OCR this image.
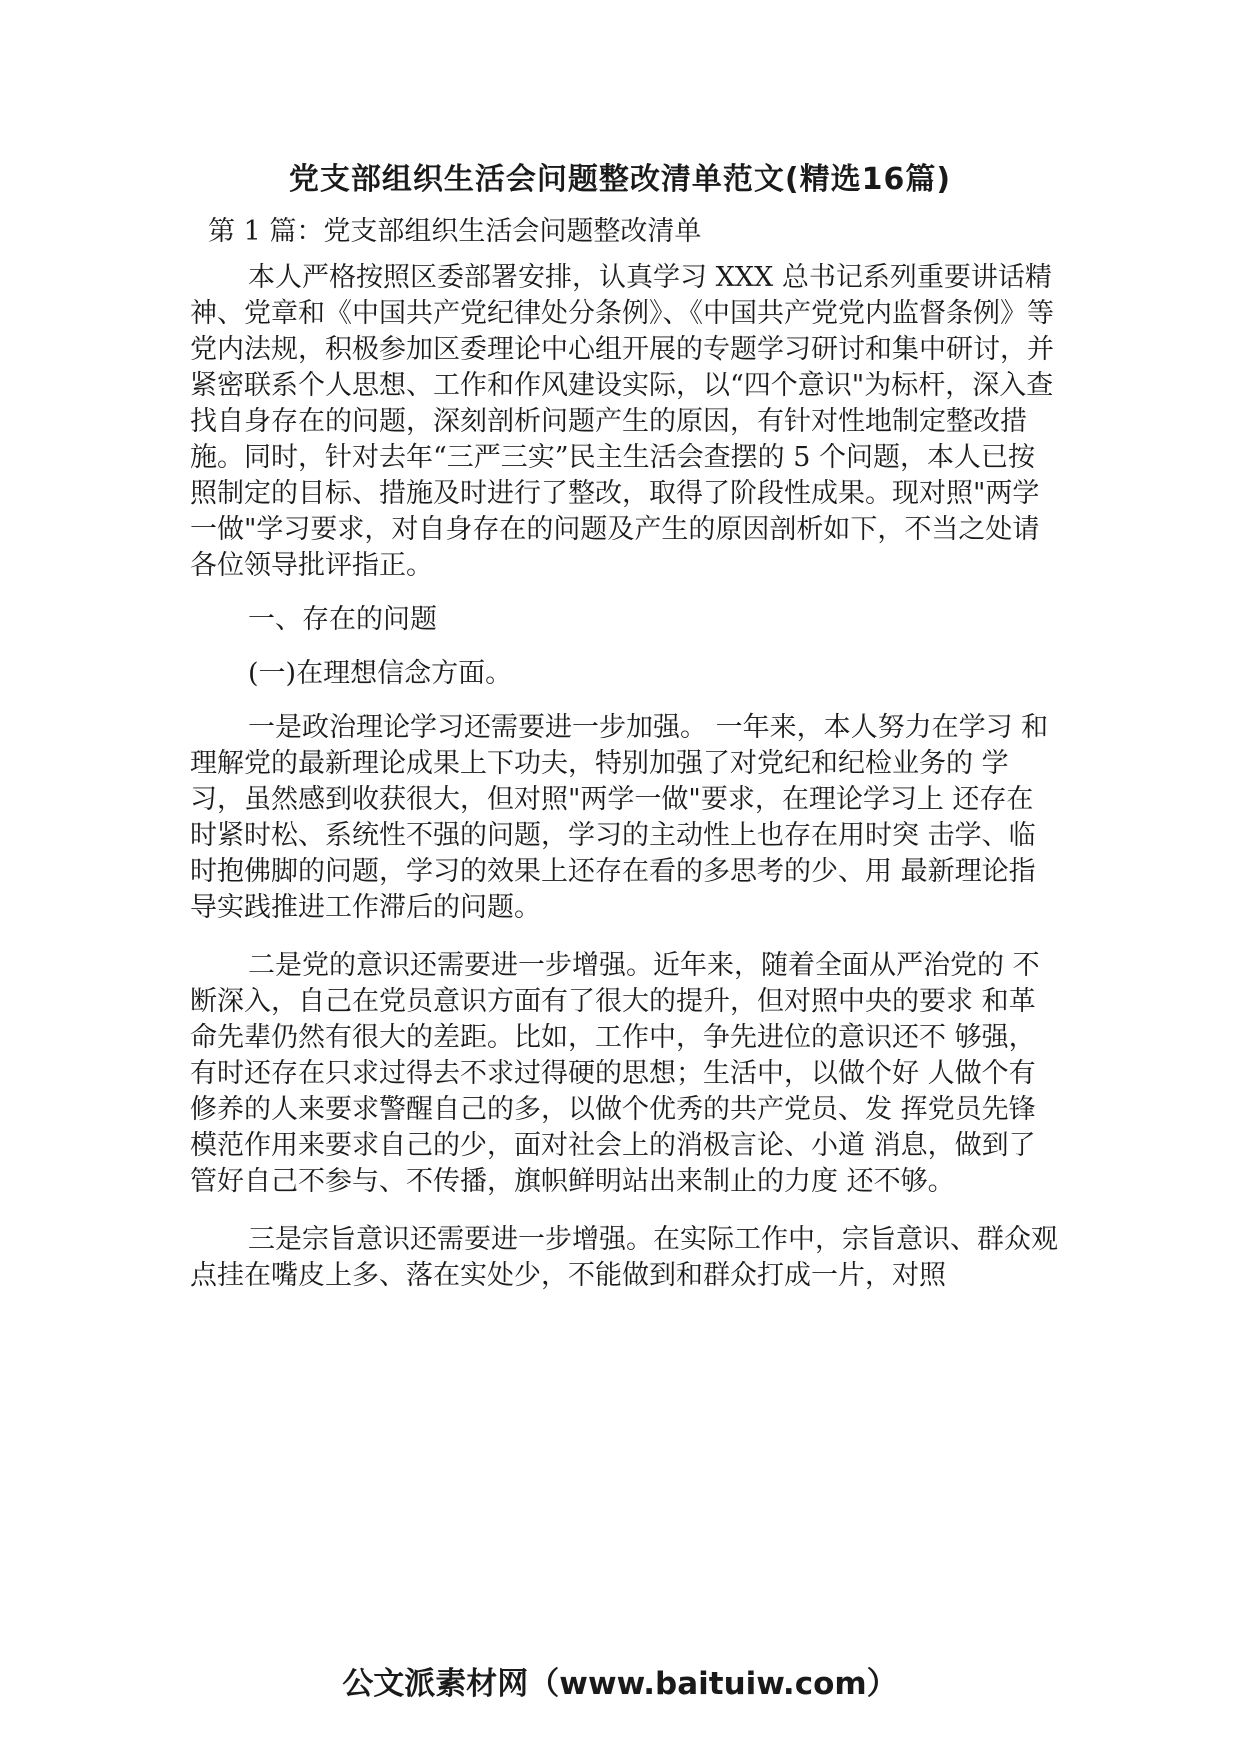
党支部组织生活会问题整改清单范文(精选16篇)

第 1 篇：党支部组织生活会问题整改清单

本人严格按照区委部署安排，认真学习 XXX 总书记系列重要讲话精神、党章和《中国共产党纪律处分条例》、《中国共产党党内监督条例》等党内法规，积极参加区委理论中心组开展的专题学习研讨和集中研讨，并紧密联系个人思想、工作和作风建设实际，以“四个意识"为标杆，深入查找自身存在的问题，深刻剖析问题产生的原因，有针对性地制定整改措施。同时，针对去年“三严三实”民主生活会查摆的 5 个问题，本人已按照制定的目标、措施及时进行了整改，取得了阶段性成果。现对照"两学一做"学习要求，对自身存在的问题及产生的原因剖析如下，不当之处请各位领导批评指正。

一、存在的问题

(一)在理想信念方面。

一是政治理论学习还需要进一步加强。 一年来，本人努力在学习 和理解党的最新理论成果上下功夫，特别加强了对党纪和纪检业务的 学习，虽然感到收获很大，但对照"两学一做"要求，在理论学习上 还存在时紧时松、系统性不强的问题，学习的主动性上也存在用时突 击学、临时抱佛脚的问题，学习的效果上还存在看的多思考的少、用 最新理论指导实践推进工作滞后的问题。

二是党的意识还需要进一步增强。近年来，随着全面从严治党的 不断深入，自己在党员意识方面有了很大的提升，但对照中央的要求 和革命先辈仍然有很大的差距。比如，工作中，争先进位的意识还不 够强，有时还存在只求过得去不求过得硬的思想；生活中，以做个好 人做个有修养的人来要求警醒自己的多，以做个优秀的共产党员、发 挥党员先锋模范作用来要求自己的少，面对社会上的消极言论、小道 消息，做到了管好自己不参与、不传播，旗帜鲜明站出来制止的力度 还不够。

三是宗旨意识还需要进一步增强。在实际工作中，宗旨意识、群众观点挂在嘴皮上多、落在实处少，不能做到和群众打成一片，对照

公文派素材网（www.baituiw.com）
